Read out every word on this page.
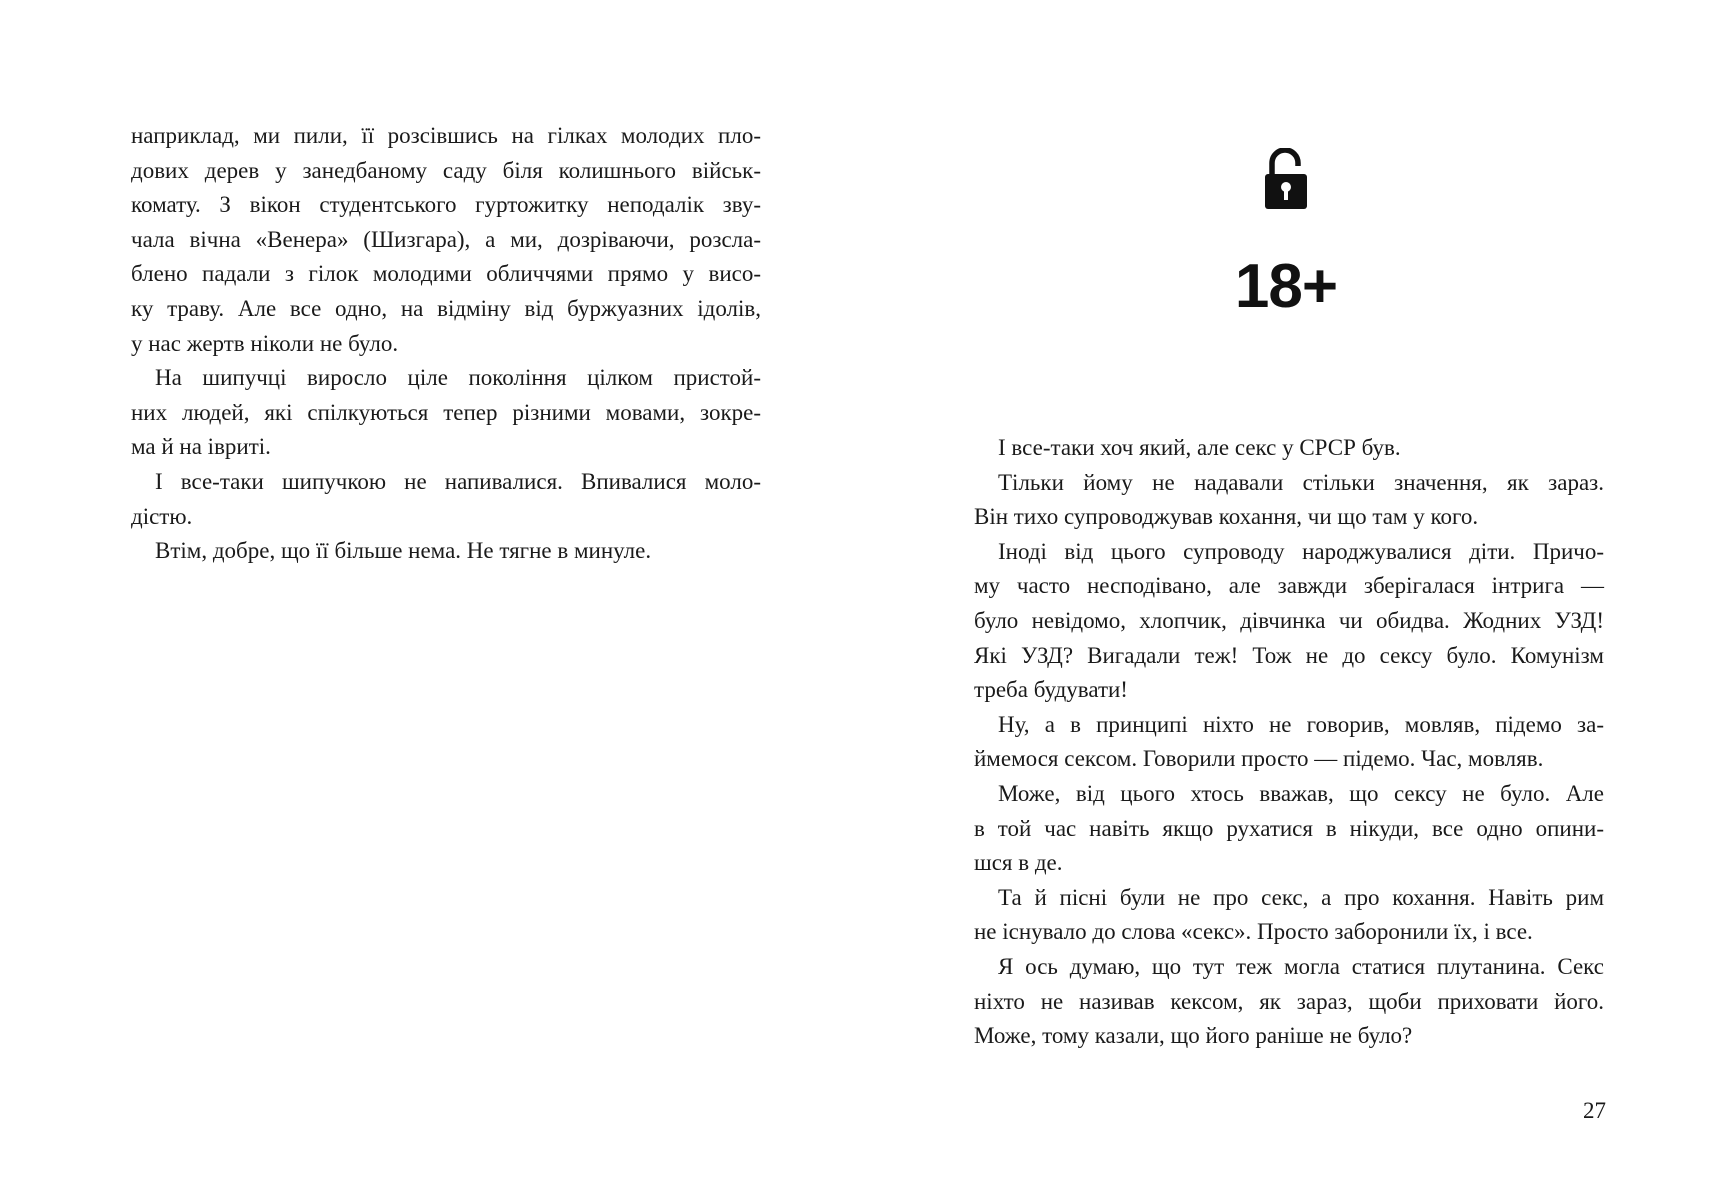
наприклад, ми пили, її розсівшись на гілках молодих пло-
дових дерев у занедбаному саду біля колишнього військ-
комату. З вікон студентського гуртожитку неподалік зву-
чала вічна «Венера» (Шизгара), а ми, дозріваючи, розсла-
блено падали з гілок молодими обличчями прямо у висо-
ку траву. Але все одно, на відміну від буржуазних ідолів,
у нас жертв ніколи не було.
На шипучці виросло ціле покоління цілком пристой-
них людей, які спілкуються тепер різними мовами, зокре-
ма й на івриті.
І все-таки шипучкою не напивалися. Впивалися моло-
дістю.
Втім, добре, що її більше нема. Не тягне в минуле.
18+
І все-таки хоч який, але секс у СРСР був.
Тільки йому не надавали стільки значення, як зараз.
Він тихо супроводжував кохання, чи що там у кого.
Іноді від цього супроводу народжувалися діти. Причо-
му часто несподівано, але завжди зберігалася інтрига —
було невідомо, хлопчик, дівчинка чи обидва. Жодних УЗД!
Які УЗД? Вигадали теж! Тож не до сексу було. Комунізм
треба будувати!
Ну, а в принципі ніхто не говорив, мовляв, підемо за-
ймемося сексом. Говорили просто — підемо. Час, мовляв.
Може, від цього хтось вважав, що сексу не було. Але
в той час навіть якщо рухатися в нікуди, все одно опини-
шся в де.
Та й пісні були не про секс, а про кохання. Навіть рим
не існувало до слова «секс». Просто заборонили їх, і все.
Я ось думаю, що тут теж могла статися плутанина. Секс
ніхто не називав кексом, як зараз, щоби приховати його.
Може, тому казали, що його раніше не було?
27
